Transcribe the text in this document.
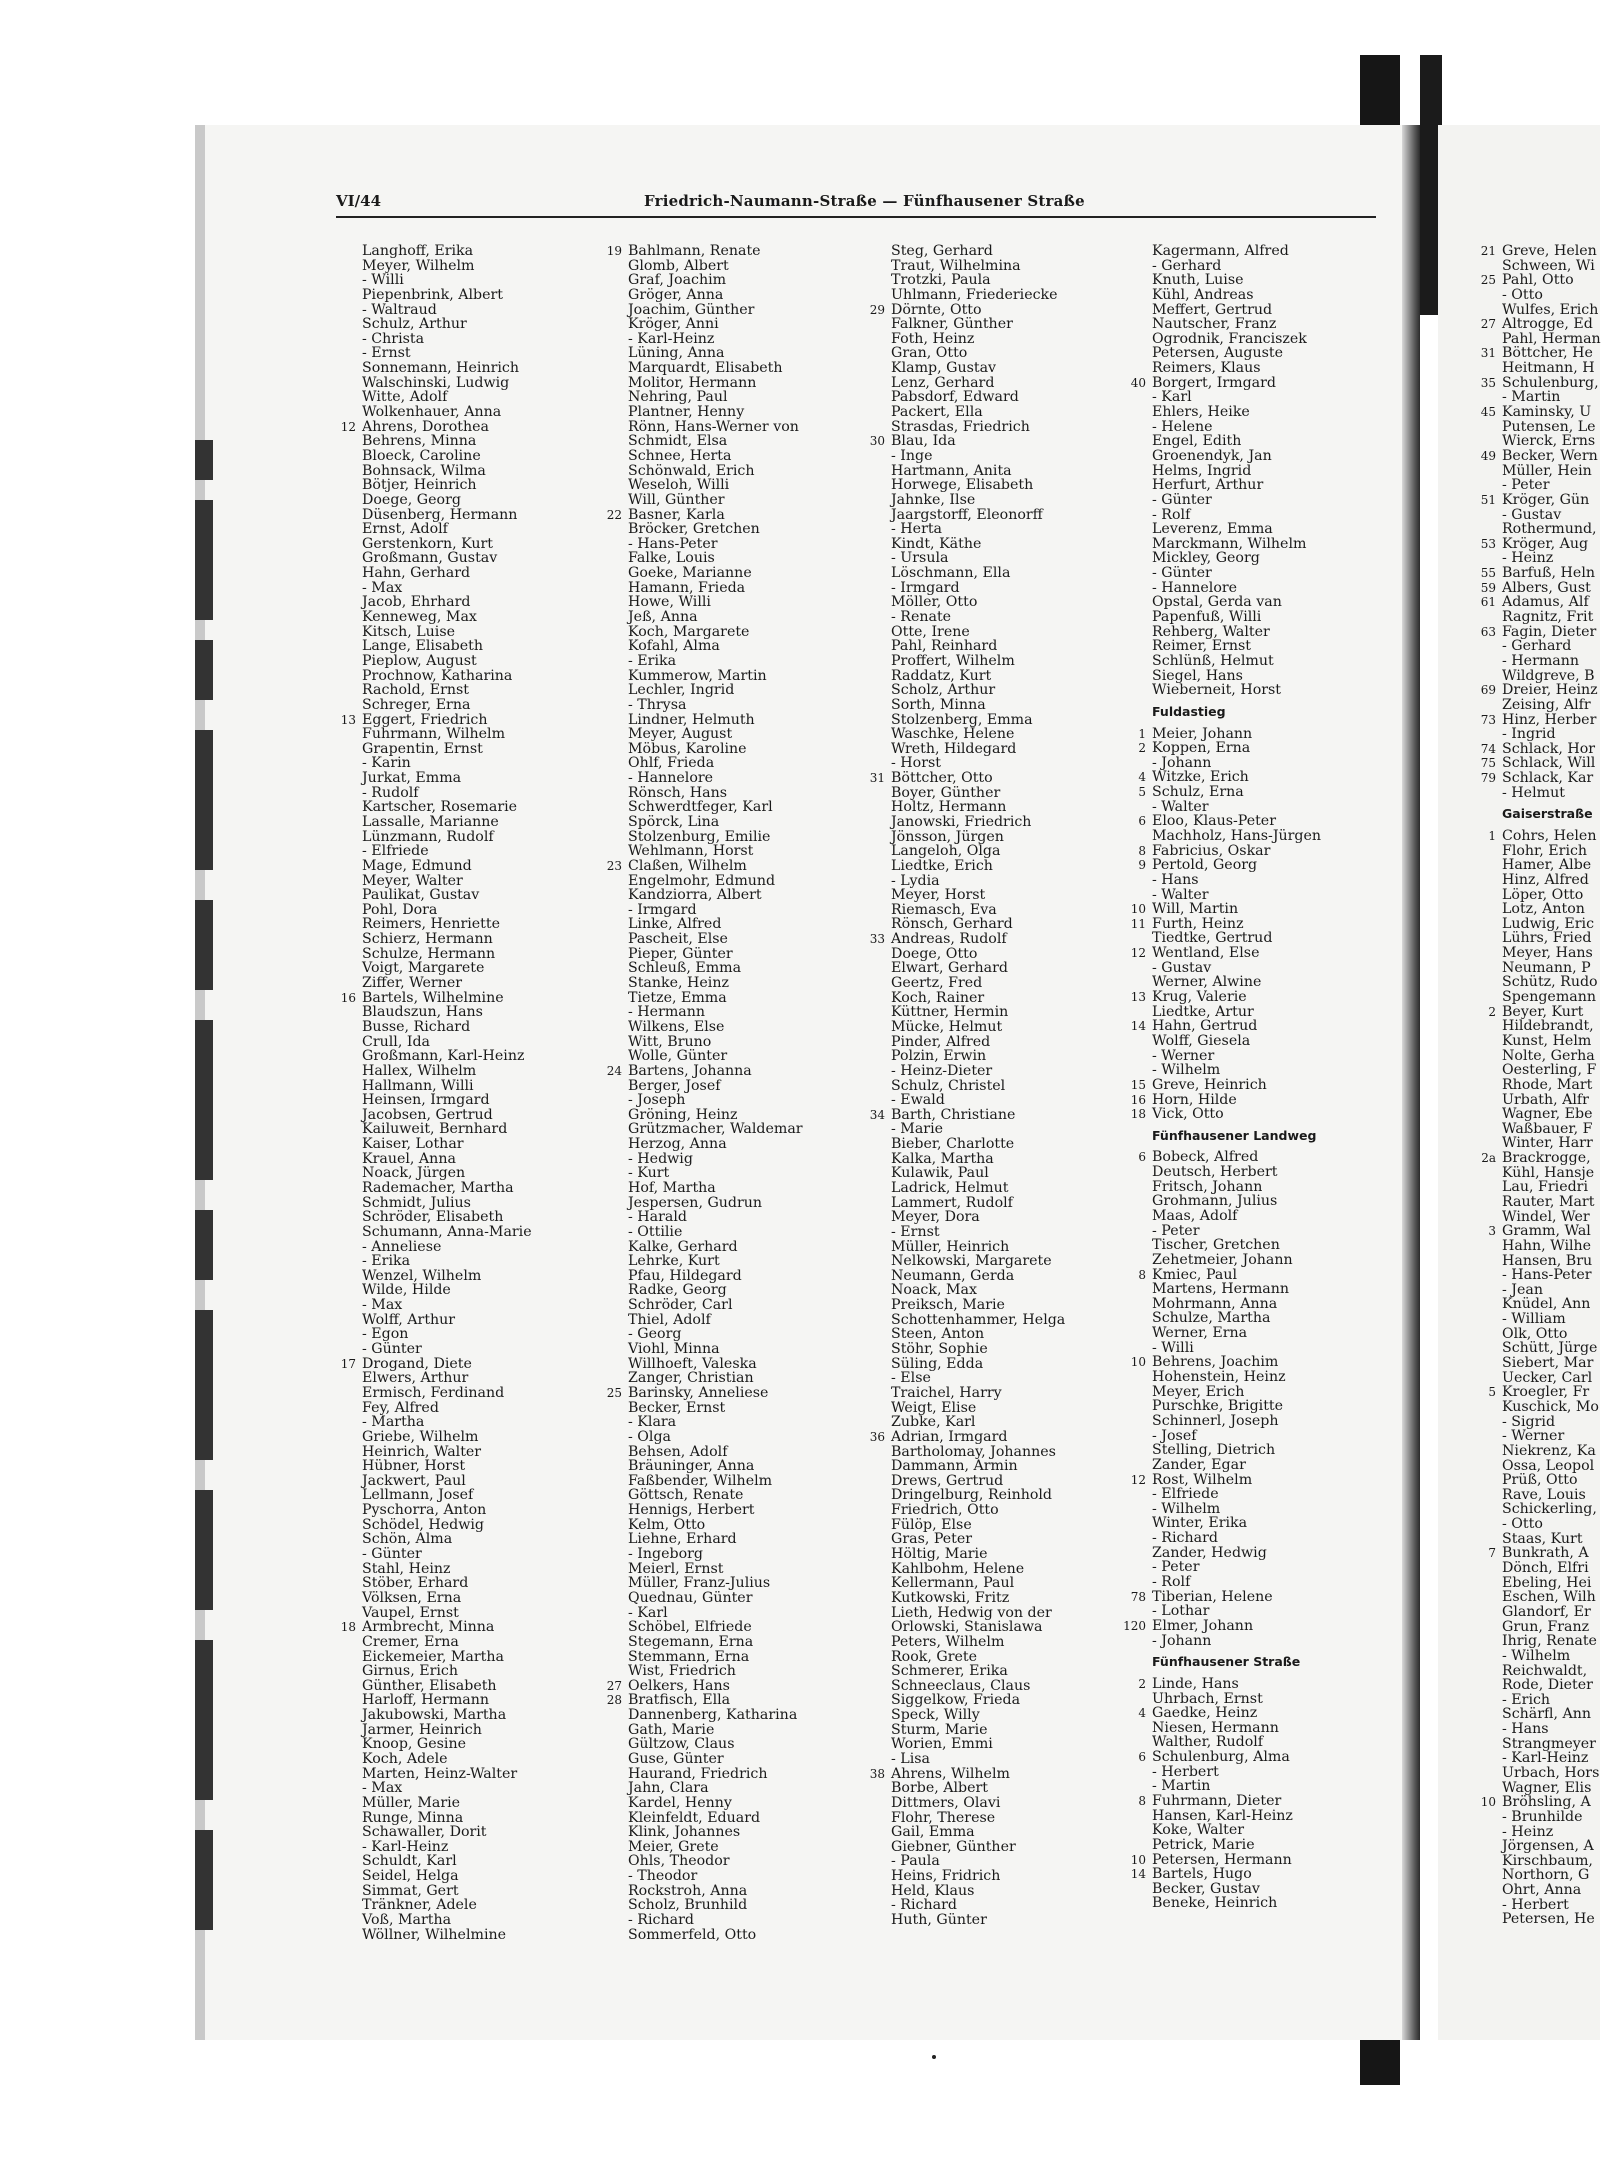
VI/44	Friedrich-Naumann-Straße — Fünfhausener Straße
Langhoff, Erika
Meyer, Wilhelm
- Willi
Piepenbrink, Albert
- Waltraud
Schulz, Arthur
- Christa
- Ernst
Sonnemann, Heinrich
Walschinski, Ludwig
Witte, Adolf
Wolkenhauer, Anna
12 Ahrens, Dorothea
Behrens, Minna
Bloeck, Caroline
Bohnsack, Wilma
Bötjer, Heinrich
Doege, Georg
Düsenberg, Hermann
Ernst, Adolf
Gerstenkorn, Kurt
Großmann, Gustav
Hahn, Gerhard
- Max
Jacob, Ehrhard
Kenneweg, Max
Kitsch, Luise
Lange, Elisabeth
Pieplow, August
Prochnow, Katharina
Rachold, Ernst
Schreger, Erna
13 Eggert, Friedrich
Fuhrmann, Wilhelm
Grapentin, Ernst
- Karin
Jurkat, Emma
- Rudolf
Kartscher, Rosemarie
Lassalle, Marianne
Lünzmann, Rudolf
- Elfriede
Mage, Edmund
Meyer, Walter
Paulikat, Gustav
Pohl, Dora
Reimers, Henriette
Schierz, Hermann
Schulze, Hermann
Voigt, Margarete
Ziffer, Werner
16 Bartels, Wilhelmine
Blaudszun, Hans
Busse, Richard
Crull, Ida
Großmann, Karl-Heinz
Hallex, Wilhelm
Hallmann, Willi
Heinsen, Irmgard
Jacobsen, Gertrud
Kailuweit, Bernhard
Kaiser, Lothar
Krauel, Anna
Noack, Jürgen
Rademacher, Martha
Schmidt, Julius
Schröder, Elisabeth
Schumann, Anna-Marie
- Anneliese
- Erika
Wenzel, Wilhelm
Wilde, Hilde
- Max
Wolff, Arthur
- Egon
- Günter
17 Drogand, Diete
Elwers, Arthur
Ermisch, Ferdinand
Fey, Alfred
- Martha
Griebe, Wilhelm
Heinrich, Walter
Hübner, Horst
Jackwert, Paul
Lellmann, Josef
Pyschorra, Anton
Schödel, Hedwig
Schön, Alma
- Günter
Stahl, Heinz
Stöber, Erhard
Völksen, Erna
Vaupel, Ernst
18 Armbrecht, Minna
Cremer, Erna
Eickemeier, Martha
Girnus, Erich
Günther, Elisabeth
Harloff, Hermann
Jakubowski, Martha
Jarmer, Heinrich
Knoop, Gesine
Koch, Adele
Marten, Heinz-Walter
- Max
Müller, Marie
Runge, Minna
Schawaller, Dorit
- Karl-Heinz
Schuldt, Karl
Seidel, Helga
Simmat, Gert
Tränkner, Adele
Voß, Martha
Wöllner, Wilhelmine
19 Bahlmann, Renate
Glomb, Albert
Graf, Joachim
Gröger, Anna
Joachim, Günther
Kröger, Anni
- Karl-Heinz
Lüning, Anna
Marquardt, Elisabeth
Molitor, Hermann
Nehring, Paul
Plantner, Henny
Rönn, Hans-Werner von
Schmidt, Elsa
Schnee, Herta
Schönwald, Erich
Weseloh, Willi
Will, Günther
22 Basner, Karla
Bröcker, Gretchen
- Hans-Peter
Falke, Louis
Goeke, Marianne
Hamann, Frieda
Howe, Willi
Jeß, Anna
Koch, Margarete
Kofahl, Alma
- Erika
Kummerow, Martin
Lechler, Ingrid
- Thrysa
Lindner, Helmuth
Meyer, August
Möbus, Karoline
Ohlf, Frieda
- Hannelore
Rönsch, Hans
Schwerdtfeger, Karl
Spörck, Lina
Stolzenburg, Emilie
Wehlmann, Horst
23 Claßen, Wilhelm
Engelmohr, Edmund
Kandziorra, Albert
- Irmgard
Linke, Alfred
Pascheit, Else
Pieper, Günter
Schleuß, Emma
Stanke, Heinz
Tietze, Emma
- Hermann
Wilkens, Else
Witt, Bruno
Wolle, Günter
24 Bartens, Johanna
Berger, Josef
- Joseph
Gröning, Heinz
Grützmacher, Waldemar
Herzog, Anna
- Hedwig
- Kurt
Hof, Martha
Jespersen, Gudrun
- Harald
- Ottilie
Kalke, Gerhard
Lehrke, Kurt
Pfau, Hildegard
Radke, Georg
Schröder, Carl
Thiel, Adolf
- Georg
Viohl, Minna
Willhoeft, Valeska
Zanger, Christian
25 Barinsky, Anneliese
Becker, Ernst
- Klara
- Olga
Behsen, Adolf
Bräuninger, Anna
Faßbender, Wilhelm
Göttsch, Renate
Hennigs, Herbert
Kelm, Otto
Liehne, Erhard
- Ingeborg
Meierl, Ernst
Müller, Franz-Julius
Quednau, Günter
- Karl
Schöbel, Elfriede
Stegemann, Erna
Stemmann, Erna
Wist, Friedrich
27 Oelkers, Hans
28 Bratfisch, Ella
Dannenberg, Katharina
Gath, Marie
Gültzow, Claus
Guse, Günter
Haurand, Friedrich
Jahn, Clara
Kardel, Henny
Kleinfeldt, Eduard
Klink, Johannes
Meier, Grete
Ohls, Theodor
- Theodor
Rockstroh, Anna
Scholz, Brunhild
- Richard
Sommerfeld, Otto
Steg, Gerhard
Traut, Wilhelmina
Trotzki, Paula
Uhlmann, Friederiecke
29 Dörnte, Otto
Falkner, Günther
Foth, Heinz
Gran, Otto
Klamp, Gustav
Lenz, Gerhard
Pabsdorf, Edward
Packert, Ella
Strasdas, Friedrich
30 Blau, Ida
- Inge
Hartmann, Anita
Horwege, Elisabeth
Jahnke, Ilse
Jaargstorff, Eleonorff
- Herta
Kindt, Käthe
- Ursula
Löschmann, Ella
- Irmgard
Möller, Otto
- Renate
Otte, Irene
Pahl, Reinhard
Proffert, Wilhelm
Raddatz, Kurt
Scholz, Arthur
Sorth, Minna
Stolzenberg, Emma
Waschke, Helene
Wreth, Hildegard
- Horst
31 Böttcher, Otto
Boyer, Günther
Holtz, Hermann
Janowski, Friedrich
Jönsson, Jürgen
Langeloh, Olga
Liedtke, Erich
- Lydia
Meyer, Horst
Riemasch, Eva
Rönsch, Gerhard
33 Andreas, Rudolf
Doege, Otto
Elwart, Gerhard
Geertz, Fred
Koch, Rainer
Küttner, Hermin
Mücke, Helmut
Pinder, Alfred
Polzin, Erwin
- Heinz-Dieter
Schulz, Christel
- Ewald
34 Barth, Christiane
- Marie
Bieber, Charlotte
Kalka, Martha
Kulawik, Paul
Ladrick, Helmut
Lammert, Rudolf
Meyer, Dora
- Ernst
Müller, Heinrich
Nelkowski, Margarete
Neumann, Gerda
Noack, Max
Preiksch, Marie
Schottenhammer, Helga
Steen, Anton
Stöhr, Sophie
Süling, Edda
- Else
Traichel, Harry
Weigt, Elise
Zubke, Karl
36 Adrian, Irmgard
Bartholomay, Johannes
Dammann, Armin
Drews, Gertrud
Dringelburg, Reinhold
Friedrich, Otto
Fülöp, Else
Gras, Peter
Höltig, Marie
Kahlbohm, Helene
Kellermann, Paul
Kutkowski, Fritz
Lieth, Hedwig von der
Orlowski, Stanislawa
Peters, Wilhelm
Rook, Grete
Schmerer, Erika
Schneeclaus, Claus
Siggelkow, Frieda
Speck, Willy
Sturm, Marie
Worien, Emmi
- Lisa
38 Ahrens, Wilhelm
Borbe, Albert
Dittmers, Olavi
Flohr, Therese
Gail, Emma
Giebner, Günther
- Paula
Heins, Fridrich
Held, Klaus
- Richard
Huth, Günter
Kagermann, Alfred
- Gerhard
Knuth, Luise
Kühl, Andreas
Meffert, Gertrud
Nautscher, Franz
Ogrodnik, Franciszek
Petersen, Auguste
Reimers, Klaus
40 Borgert, Irmgard
- Karl
Ehlers, Heike
- Helene
Engel, Edith
Groenendyk, Jan
Helms, Ingrid
Herfurt, Arthur
- Günter
- Rolf
Leverenz, Emma
Marckmann, Wilhelm
Mickley, Georg
- Günter
- Hannelore
Opstal, Gerda van
Papenfuß, Willi
Rehberg, Walter
Reimer, Ernst
Schlünß, Helmut
Siegel, Hans
Wieberneit, Horst
Fuldastieg
1 Meier, Johann
2 Koppen, Erna
- Johann
4 Witzke, Erich
5 Schulz, Erna
- Walter
6 Eloo, Klaus-Peter
Machholz, Hans-Jürgen
8 Fabricius, Oskar
9 Pertold, Georg
- Hans
- Walter
10 Will, Martin
11 Furth, Heinz
Tiedtke, Gertrud
12 Wentland, Else
- Gustav
Werner, Alwine
13 Krug, Valerie
Liedtke, Artur
14 Hahn, Gertrud
Wolff, Giesela
- Werner
- Wilhelm
15 Greve, Heinrich
16 Horn, Hilde
18 Vick, Otto
Fünfhausener Landweg
6 Bobeck, Alfred
Deutsch, Herbert
Fritsch, Johann
Grohmann, Julius
Maas, Adolf
- Peter
Tischer, Gretchen
Zehetmeier, Johann
8 Kmiec, Paul
Martens, Hermann
Mohrmann, Anna
Schulze, Martha
Werner, Erna
- Willi
10 Behrens, Joachim
Hohenstein, Heinz
Meyer, Erich
Purschke, Brigitte
Schinnerl, Joseph
- Josef
Stelling, Dietrich
Zander, Egar
12 Rost, Wilhelm
- Elfriede
- Wilhelm
Winter, Erika
- Richard
Zander, Hedwig
- Peter
- Rolf
78 Tiberian, Helene
- Lothar
120 Elmer, Johann
- Johann
Fünfhausener Straße
2 Linde, Hans
Uhrbach, Ernst
4 Gaedke, Heinz
Niesen, Hermann
Walther, Rudolf
6 Schulenburg, Alma
- Herbert
- Martin
8 Fuhrmann, Dieter
Hansen, Karl-Heinz
Koke, Walter
Petrick, Marie
10 Petersen, Hermann
14 Bartels, Hugo
Becker, Gustav
Beneke, Heinrich
21 Greve, Helen
Schween, Wi
25 Pahl, Otto
- Otto
Wulfes, Erich
27 Altrogge, Ed
Pahl, Herman
31 Böttcher, He
Heitmann, H
35 Schulenburg,
- Martin
45 Kaminsky, U
Putensen, Le
Wierck, Erns
49 Becker, Wern
Müller, Hein
- Peter
51 Kröger, Gün
- Gustav
Rothermund,
53 Kröger, Aug
- Heinz
55 Barfuß, Heln
59 Albers, Gust
61 Adamus, Alf
Ragnitz, Frit
63 Fagin, Dieter
- Gerhard
- Hermann
Wildgreve, B
69 Dreier, Heinz
Zeising, Alfr
73 Hinz, Herber
- Ingrid
74 Schlack, Hor
75 Schlack, Will
79 Schlack, Kar
- Helmut
Gaiserstraße
1 Cohrs, Helen
Flohr, Erich
Hamer, Albe
Hinz, Alfred
Löper, Otto
Lotz, Anton
Ludwig, Eric
Lührs, Fried
Meyer, Hans
Neumann, P
Schütz, Rudo
Spengemann
2 Beyer, Kurt
Hildebrandt,
Kunst, Helm
Nolte, Gerha
Oesterling, F
Rhode, Mart
Urbath, Alfr
Wagner, Ebe
Waßbauer, F
Winter, Harr
2a Brackrogge,
Kühl, Hansje
Lau, Friedri
Rauter, Mart
Windel, Wer
3 Gramm, Wal
Hahn, Wilhe
Hansen, Bru
- Hans-Peter
- Jean
Knüdel, Ann
- William
Olk, Otto
Schütt, Jürge
Siebert, Mar
Uecker, Carl
5 Kroegler, Fr
Kuschick, Mo
- Sigrid
- Werner
Niekrenz, Ka
Ossa, Leopol
Prüß, Otto
Rave, Louis
Schickerling,
- Otto
Staas, Kurt
7 Bunkrath, A
Dönch, Elfri
Ebeling, Hei
Eschen, Wilh
Glandorf, Er
Grun, Franz
Ihrig, Renate
- Wilhelm
Reichwaldt,
Rode, Dieter
- Erich
Schärfl, Ann
- Hans
Strangmeyer
- Karl-Heinz
Urbach, Hors
Wagner, Elis
10 Bröhsling, A
- Brunhilde
- Heinz
Jörgensen, A
Kirschbaum,
Northorn, G
Ohrt, Anna
- Herbert
Petersen, He
